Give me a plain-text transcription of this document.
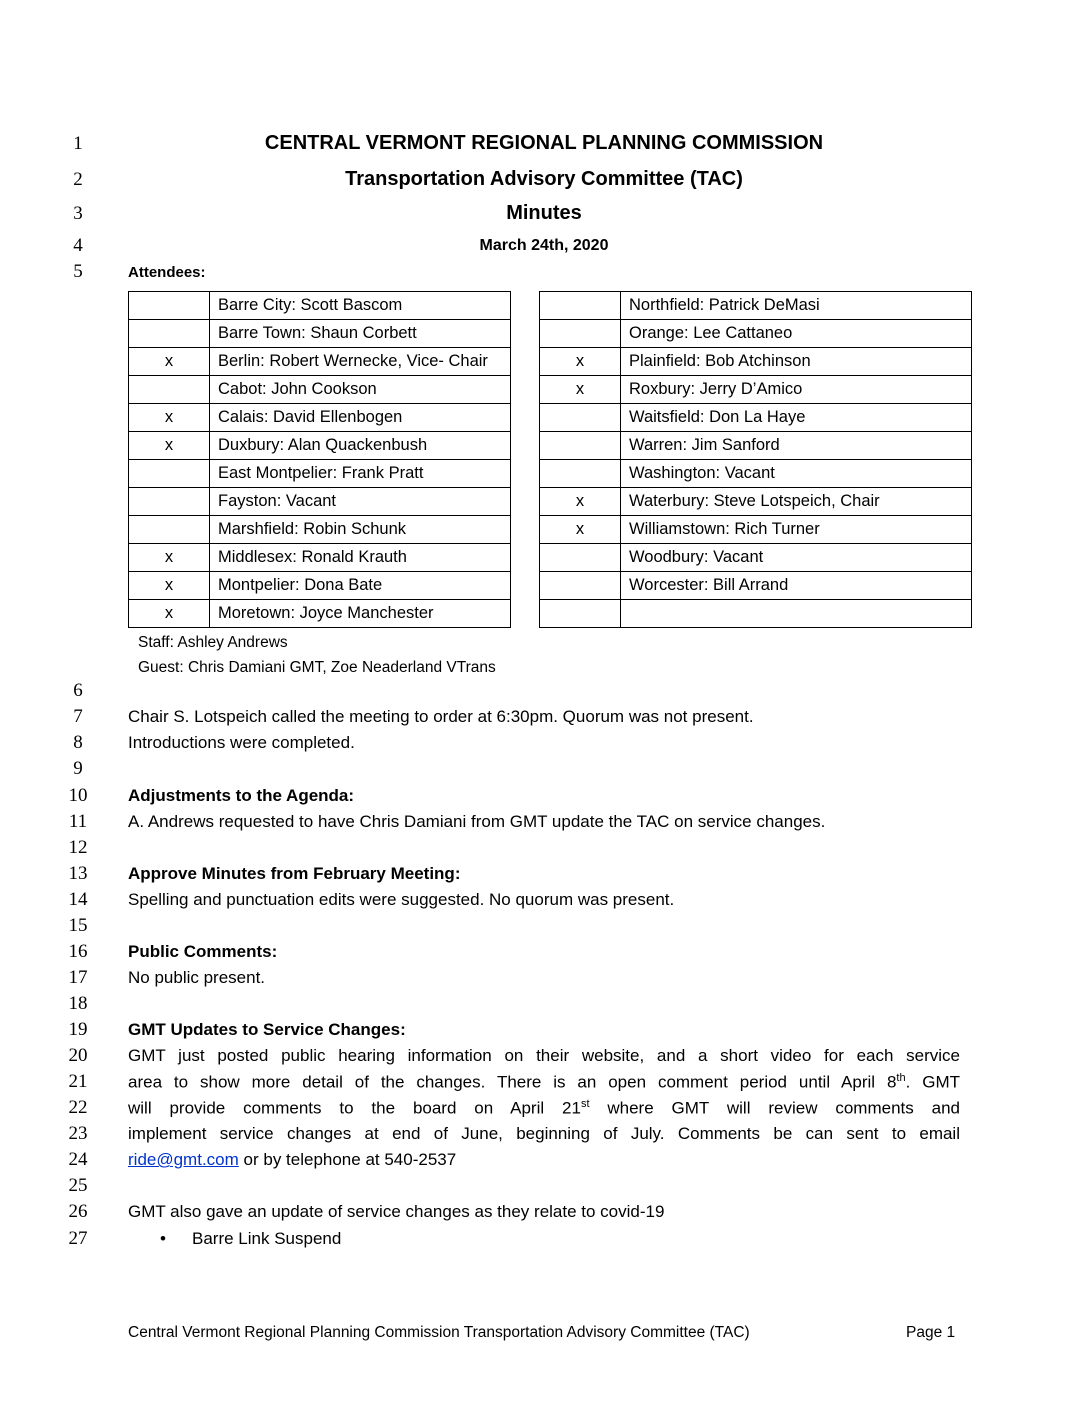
1
2
3
4
5
6
7
8
9
10
11
12
13
14
15
16
17
18
19
20
21
22
23
24
25
26
27
CENTRAL VERMONT REGIONAL PLANNING COMMISSION
Transportation Advisory Committee (TAC)
Minutes
March 24th, 2020
Attendees:
	Barre City: Scott Bascom
	Barre Town: Shaun Corbett
x	Berlin: Robert Wernecke, Vice- Chair
	Cabot: John Cookson
x	Calais: David Ellenbogen
x	Duxbury: Alan Quackenbush
	East Montpelier: Frank Pratt
	Fayston: Vacant
	Marshfield: Robin Schunk
x	Middlesex: Ronald Krauth
x	Montpelier: Dona Bate
x	Moretown: Joyce Manchester
	Northfield: Patrick DeMasi
	Orange: Lee Cattaneo
x	Plainfield: Bob Atchinson
x	Roxbury: Jerry D’Amico
	Waitsfield: Don La Haye
	Warren: Jim Sanford
	Washington: Vacant
x	Waterbury: Steve Lotspeich, Chair
x	Williamstown: Rich Turner
	Woodbury: Vacant
	Worcester: Bill Arrand

Staff: Ashley Andrews
Guest: Chris Damiani GMT, Zoe Neaderland VTrans
Chair S. Lotspeich called the meeting to order at 6:30pm. Quorum was not present.
Introductions were completed.
Adjustments to the Agenda:
A. Andrews requested to have Chris Damiani from GMT update the TAC on service changes.
Approve Minutes from February Meeting:
Spelling and punctuation edits were suggested. No quorum was present.
Public Comments:
No public present.
GMT Updates to Service Changes:
GMT just posted public hearing information on their website, and a short video for each service
area to show more detail of the changes. There is an open comment period until April 8th. GMT
will provide comments to the board on April 21st where GMT will review comments and
implement service changes at end of June, beginning of July. Comments be can sent to email
ride@gmt.com or by telephone at 540-2537
GMT also gave an update of service changes as they relate to covid-19
• Barre Link Suspend
Central Vermont Regional Planning Commission Transportation Advisory Committee (TAC)	Page 1
